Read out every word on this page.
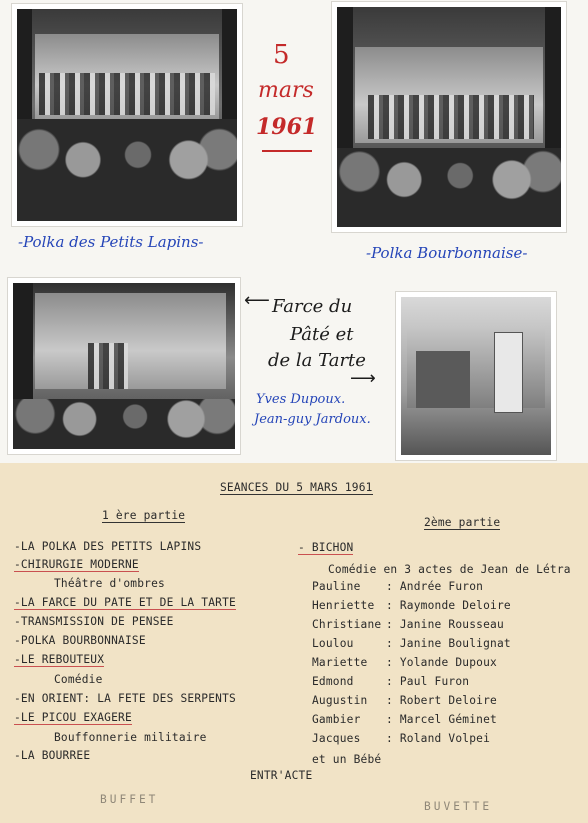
5
mars
1961
-Polka des Petits Lapins-
-Polka Bourbonnaise-
⟵ Farce du
Pâté et
de la Tarte
⟶
Yves Dupoux.
Jean-guy Jardoux.
SEANCES DU 5 MARS 1961
1 ère partie
2ème partie
-LA POLKA DES PETITS LAPINS
-CHIRURGIE MODERNE
Théâtre d'ombres
-LA FARCE DU PATE ET DE LA TARTE
-TRANSMISSION DE PENSEE
-POLKA BOURBONNAISE
-LE REBOUTEUX
Comédie
-EN ORIENT: LA FETE DES SERPENTS
-LE PICOU EXAGERE
Bouffonnerie militaire
-LA BOURREE
- BICHON
Comédie en 3 actes de Jean de Létra
Pauline : Andrée Furon
Henriette : Raymonde Deloire
Christiane : Janine Rousseau
Loulou	: Janine Boulignat
Mariette : Yolande Dupoux
Edmond	: Paul Furon
Augustin : Robert Deloire
Gambier : Marcel Géminet
Jacques : Roland Volpei
et un Bébé
ENTR'ACTE
BUFFET
BUVETTE
